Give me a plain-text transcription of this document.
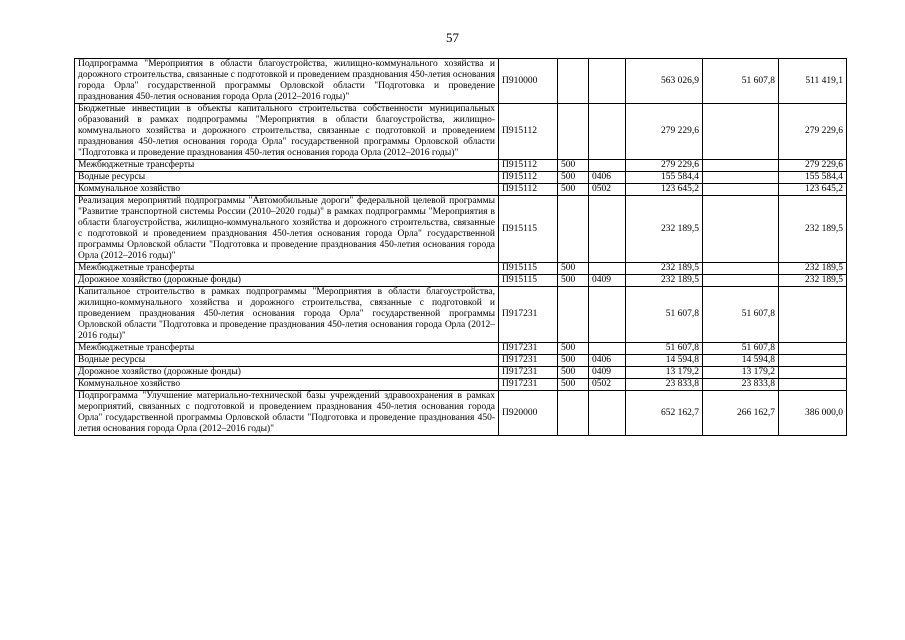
57
Подпрограмма "Мероприятия в области благоустройства, жилищно-коммунального хозяйства и дорожного строительства, связанные с подготовкой и проведением празднования 450-летия основания города Орла" государственной программы Орловской области "Подготовка и проведение празднования 450-летия основания города Орла (2012–2016 годы)"	П910000			563 026,9	51 607,8	511 419,1
Бюджетные инвестиции в объекты капитального строительства собственности муниципальных образований в рамках подпрограммы "Мероприятия в области благоустройства, жилищно-коммунального хозяйства и дорожного строительства, связанные с подготовкой и проведением празднования 450-летия основания города Орла" государственной программы Орловской области "Подготовка и проведение празднования 450-летия основания города Орла (2012–2016 годы)"	П915112			279 229,6		279 229,6
Межбюджетные трансферты	П915112	500		279 229,6		279 229,6
Водные ресурсы	П915112	500	0406	155 584,4		155 584,4
Коммунальное хозяйство	П915112	500	0502	123 645,2		123 645,2
Реализация мероприятий подпрограммы "Автомобильные дороги" федеральной целевой программы "Развитие транспортной системы России (2010–2020 годы)" в рамках подпрограммы "Мероприятия в области благоустройства, жилищно-коммунального хозяйства и дорожного строительства, связанные с подготовкой и проведением празднования 450-летия основания города Орла" государственной программы Орловской области "Подготовка и проведение празднования 450-летия основания города Орла (2012–2016 годы)"	П915115			232 189,5		232 189,5
Межбюджетные трансферты	П915115	500		232 189,5		232 189,5
Дорожное хозяйство (дорожные фонды)	П915115	500	0409	232 189,5		232 189,5
Капитальное строительство в рамках подпрограммы "Мероприятия в области благоустройства, жилищно-коммунального хозяйства и дорожного строительства, связанные с подготовкой и проведением празднования 450-летия основания города Орла" государственной программы Орловской области "Подготовка и проведение празднования 450-летия основания города Орла (2012–2016 годы)"	П917231			51 607,8	51 607,8	
Межбюджетные трансферты	П917231	500		51 607,8	51 607,8	
Водные ресурсы	П917231	500	0406	14 594,8	14 594,8	
Дорожное хозяйство (дорожные фонды)	П917231	500	0409	13 179,2	13 179,2	
Коммунальное хозяйство	П917231	500	0502	23 833,8	23 833,8	
Подпрограмма "Улучшение материально-технической базы учреждений здравоохранения в рамках мероприятий, связанных с подготовкой и проведением празднования 450-летия основания города Орла" государственной программы Орловской области "Подготовка и проведение празднования 450-летия основания города Орла (2012–2016 годы)"	П920000			652 162,7	266 162,7	386 000,0
